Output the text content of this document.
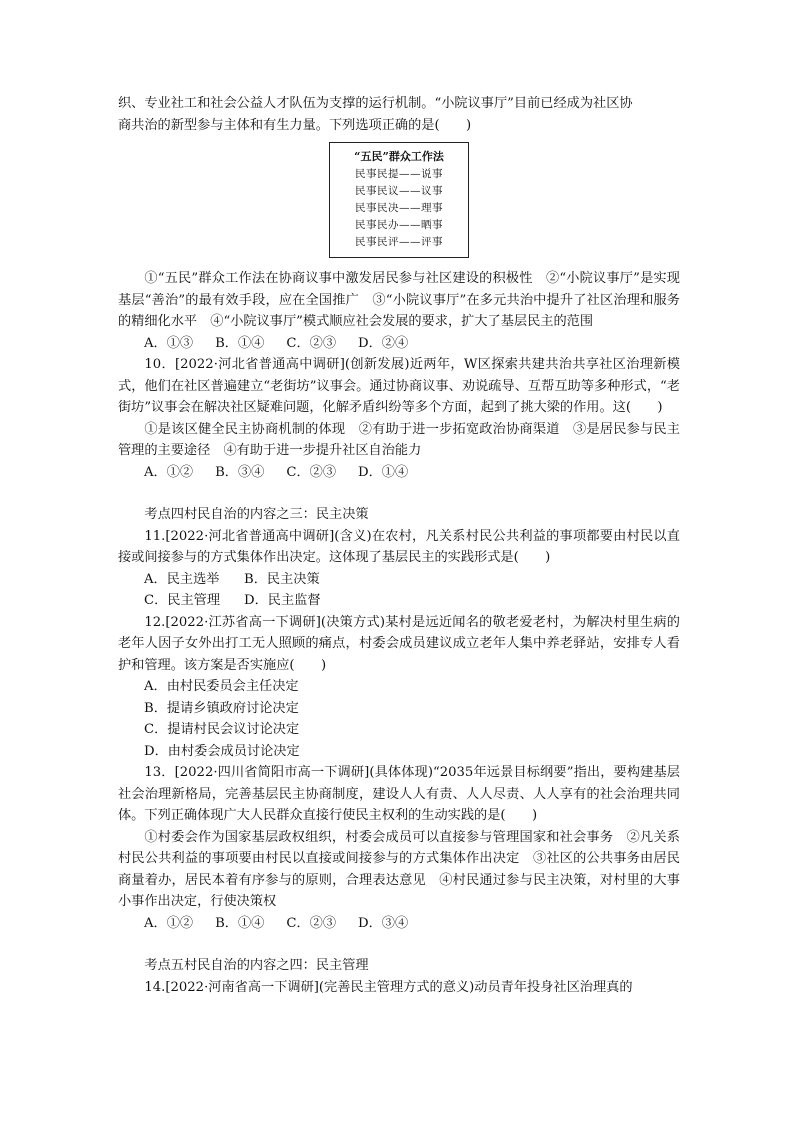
织、专业社工和社会公益人才队伍为支撑的运行机制。“小院议事厅”目前已经成为社区协

商共治的新型参与主体和有生力量。下列选项正确的是(　　)

“五民”群众工作法

民事民提——说事

民事民议——议事

民事民决——理事

民事民办——晒事

民事民评——评事

①“五民”群众工作法在协商议事中激发居民参与社区建设的积极性　②“小院议事厅”是实现基层“善治”的最有效手段，应在全国推广　③“小院议事厅”在多元共治中提升了社区治理和服务的精细化水平　④“小院议事厅”模式顺应社会发展的要求，扩大了基层民主的范围

A．①③ B．①④ C．②③ D．②④

10．[2022·河北省普通高中调研](创新发展)近两年，W区探索共建共治共享社区治理新模式，他们在社区普遍建立“老街坊”议事会。通过协商议事、劝说疏导、互帮互助等多种形式，“老街坊”议事会在解决社区疑难问题，化解矛盾纠纷等多个方面，起到了挑大梁的作用。这(　　)

①是该区健全民主协商机制的体现　②有助于进一步拓宽政治协商渠道　③是居民参与民主管理的主要途径　④有助于进一步提升社区自治能力

A．①② B．③④ C．②③ D．①④

考点四村民自治的内容之三：民主决策

11.[2022·河北省普通高中调研](含义)在农村，凡关系村民公共利益的事项都要由村民以直接或间接参与的方式集体作出决定。这体现了基层民主的实践形式是(　　)

A．民主选举 B．民主决策

C．民主管理 D．民主监督

12.[2022·江苏省高一下调研](决策方式)某村是远近闻名的敬老爱老村，为解决村里生病的老年人因子女外出打工无人照顾的痛点，村委会成员建议成立老年人集中养老驿站，安排专人看护和管理。该方案是否实施应(　　)

A．由村民委员会主任决定

B．提请乡镇政府讨论决定

C．提请村民会议讨论决定

D．由村委会成员讨论决定

13．[2022·四川省简阳市高一下调研](具体体现)“2035年远景目标纲要”指出，要构建基层社会治理新格局，完善基层民主协商制度，建设人人有责、人人尽责、人人享有的社会治理共同体。下列正确体现广大人民群众直接行使民主权利的生动实践的是(　　)

①村委会作为国家基层政权组织，村委会成员可以直接参与管理国家和社会事务　②凡关系村民公共利益的事项要由村民以直接或间接参与的方式集体作出决定　③社区的公共事务由居民商量着办，居民本着有序参与的原则，合理表达意见　④村民通过参与民主决策，对村里的大事小事作出决定，行使决策权

A．①② B．①④ C．②③ D．③④

考点五村民自治的内容之四：民主管理

14.[2022·河南省高一下调研](完善民主管理方式的意义)动员青年投身社区治理真的
